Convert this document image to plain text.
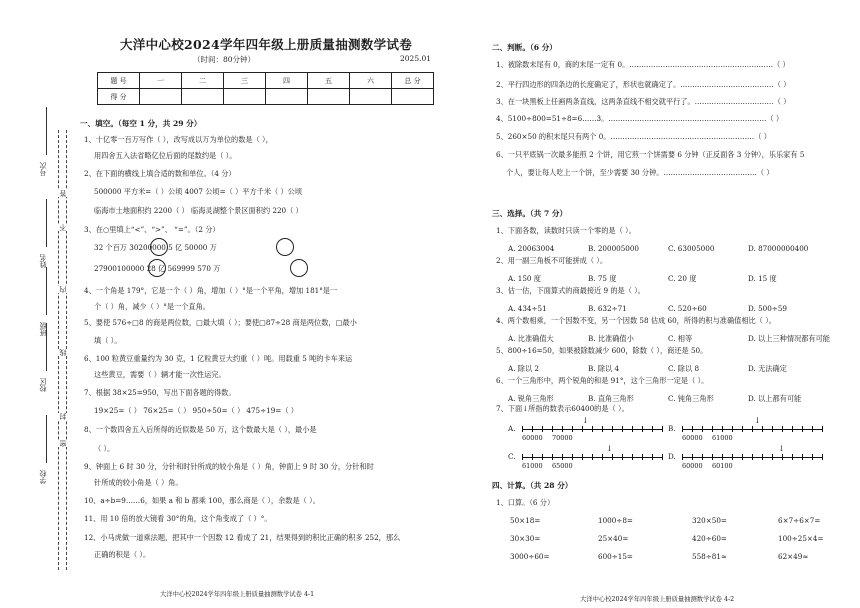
大洋中心校2024学年四年级上册质量抽测数学试卷
（时间：80分钟）	2025.01
题 号	一	二	三	四	五	六	总 分
得 分							
号次
姓名
班级
校区
学校
答
不
内
线
封
密
一、填空。（每空 1 分，共 29 分）
1、十亿零一百万写作（ ），改写成以万为单位的数是（ ），
用四舍五入法省略亿位后面的尾数约是（ ）。
2、在下面的横线上填合适的数和单位。（4 分）
500000 平方米=（ ）公顷 4007 公顷=（ ）平方千米（ ）公顷
临海市土地面积约 2200（ ） 临海灵湖整个景区面积约 220（ ）
3、在○里填上“<”、“>”、 “=”。（2 分）
32 个百万 30200000 5 亿 50000 万
27900100000 28 亿 569999 570 万
4、一个角是 179°，它是一个（ ）角，增加（ ）°是一个平角，增加 181°是一
个（ ）角，减少（ ）°是一个直角。
5、要使 576÷□8 的商是两位数，□最大填（ ）；要使□87÷28 商是两位数，□最小
填（ ）。
6、100 粒黄豆重量约为 30 克，1 亿粒黄豆大约重（ ）吨。用载重 5 吨的卡车来运
这些黄豆，需要（ ）辆才能一次性运完。
7、根据 38×25=950，写出下面各题的得数。
19×25=（ ） 76×25=（ ） 950÷50=（ ） 475÷19=（ ）
8、一个数四舍五入后所得的近似数是 50 万，这个数最大是（ ），最小是
（ ）。
9、钟面上 6 时 30 分，分针和时针所成的较小角是（ ）角，钟面上 9 时 30 分，分针和时
针所成的较小角是（ ）角。
10、a÷b=9……6，如果 a 和 b 都乘 100，那么商是（ ），余数是（ ）。
11、用 10 倍的放大镜看 30°的角，这个角变成了（ ）°。
12、小马虎做一道乘法题，把其中一个因数 12 看成了 21，结果得到的积比正确的积多 252，那么
正确的积是（ ）。
大洋中心校2024学年四年级上册质量抽测数学试卷 4-1
二、判断。（6 分）
1、被除数末尾有 0，商的末尾一定有 0。……………………………………………………（ ）
2、平行四边形的四条边的长度确定了，形状也就确定了。…………………………………（ ）
3、在一块黑板上任画两条直线，这两条直线不相交就平行了。……………………………（ ）
4、5100÷800=51÷8=6……3。…………………………………………………………（ ）
5、260×50 的积末尾只有两个 0。……………………………………………………（ ）
6、一只平底锅一次最多能煎 2 个饼，用它煎一个饼需要 6 分钟（正反面各 3 分钟），乐乐家有 5
个人，要让每人吃上一个饼，至少需要 30 分钟。…………………………………（ ）
三、选择。（共 7 分）
1、下面各数，读数时只读一个零的是（ ）。
A. 20063004	B. 200005000	C. 63005000	D. 87000000400
2、用一副三角板不可能拼成（ ）。
A. 150 度	B. 75 度	C. 20 度	D. 15 度
3、估一估，下面算式的商最接近 9 的是（ ）。
A. 434÷51	B. 632÷71	C. 520÷60	D. 500÷59
4、两个数相乘，一个因数不变，另一个因数 58 估成 60，所得的积与准确值相比（ ）。
A. 比准确值大	B. 比准确值小	C. 相等	D. 以上三种情况都有可能
5、800÷16=50，如果被除数减少 600，除数（ ），商还是 50。
A. 除以 2	B. 除以 4	C. 除以 8	D. 无法确定
6、一个三角形中，两个锐角的和是 91°，这个三角形一定是（ ）。
A. 锐角三角形	B. 直角三角形	C. 钝角三角形	D. 以上都有可能
7、下面↓所指的数表示60400的是（ ）。
A.
↓
60000 70000
B.
↓
60000 61000
C.
↓
61000 65000
D.
↓
60000 60100
四、计算。（共 28 分）
1、口算。（6 分）
50×18=	1000÷8=	320×50=	6×7÷6×7=
30×30=	25×40=	420÷60=	100÷25×4=
3000÷60=	600÷15=	558÷81≈	62×49≈
大洋中心校2024学年四年级上册质量抽测数学试卷 4-2
